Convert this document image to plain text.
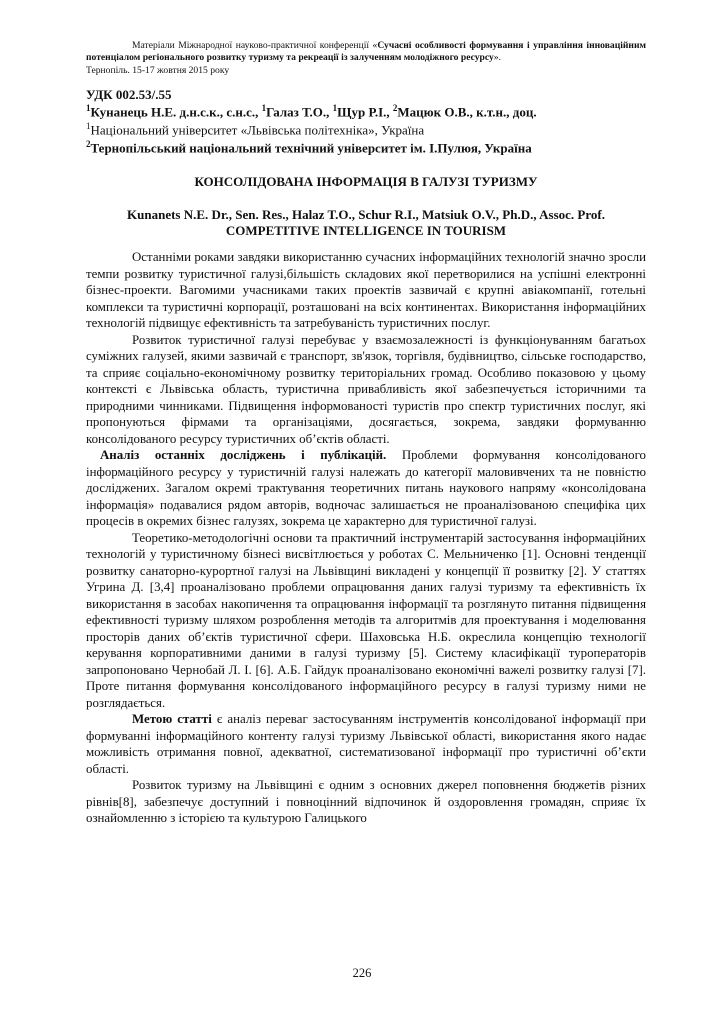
Матеріали Міжнародної науково-практичної конференції «Сучасні особливості формування і управління інноваційним потенціалом регіонального розвитку туризму та рекреації із залученням молодіжного ресурсу».
Тернопіль. 15-17 жовтня 2015 року
УДК 002.53/.55
$^1$Кунанець Н.Е. д.н.с.к., с.н.с., $^1$Галаз Т.О., $^1$Щур Р.І., $^2$Мацюк О.В., к.т.н., доц.
$^1$Національний університет «Львівська політехніка», Україна
$^2$Тернопільський національний технічний університет ім. І.Пулюя, Україна
КОНСОЛІДОВАНА ІНФОРМАЦІЯ В ГАЛУЗІ ТУРИЗМУ
Kunanets N.E. Dr., Sen. Res., Halaz T.O., Schur R.I., Matsiuk O.V., Ph.D., Assoc. Prof.
COMPETITIVE INTELLIGENCE IN TOURISM

Останніми роками завдяки використанню сучасних інформаційних технологій значно зросли темпи розвитку туристичної галузі,більшість складових якої перетворилися на успішні електронні бізнес-проекти. Вагомими учасниками таких проектів зазвичай є крупні авіакомпанії, готельні комплекси та туристичні корпорації, розташовані на всіх континентах. Використання інформаційних технологій підвищує ефективність та затребуваність туристичних послуг.

Розвиток туристичної галузі перебуває у взаємозалежності із функціонуванням багатьох суміжних галузей, якими зазвичай є транспорт, зв'язок, торгівля, будівництво, сільське господарство, та сприяє соціально-економічному розвитку територіальних громад. Особливо показовою у цьому контексті є Львівська область, туристична привабливість якої забезпечується історичними та природними чинниками. Підвищення інформованості туристів про спектр туристичних послуг, які пропонуються фірмами та організаціями, досягається, зокрема, завдяки формуванню консолідованого ресурсу туристичних об’єктів області.

Аналіз останніх досліджень і публікацій. Проблеми формування консолідованого інформаційного ресурсу у туристичній галузі належать до категорії маловивчених та не повністю досліджених. Загалом окремі трактування теоретичних питань наукового напряму «консолідована інформація» подавалися рядом авторів, водночас залишається не проаналізованою специфіка цих процесів в окремих бізнес галузях, зокрема це характерно для туристичної галузі.

Теоретико-методологічні основи та практичний інструментарій застосування інформаційних технологій у туристичному бізнесі висвітлюється у роботах С. Мельниченко [1]. Основні тенденції розвитку санаторно-курортної галузі на Львівщині викладені у концепції її розвитку [2]. У статтях Угрина Д. [3,4] проаналізовано проблеми опрацювання даних галузі туризму та ефективність їх використання в засобах накопичення та опрацювання інформації та розглянуто питання підвищення ефективності туризму шляхом розроблення методів та алгоритмів для проектування і моделювання просторів даних об’єктів туристичної сфери. Шаховська Н.Б. окреслила концепцію технології керування корпоративними даними в галузі туризму [5]. Систему класифікації туроператорів запропоновано Чернобай Л. І. [6]. А.Б. Гайдук проаналізовано економічні важелі розвитку галузі [7]. Проте питання формування консолідованого інформаційного ресурсу в галузі туризму ними не розглядається.

Метою статті є аналіз переваг застосуванням інструментів консолідованої інформації при формуванні інформаційного контенту галузі туризму Львівської області, використання якого надає можливість отримання повної, адекватної, систематизованої інформації про туристичні об’єкти області.

Розвиток туризму на Львівщині є одним з основних джерел поповнення бюджетів різних рівнів[8], забезпечує доступний і повноцінний відпочинок й оздоровлення громадян, сприяє їх ознайомленню з історією та культурою Галицького

226
